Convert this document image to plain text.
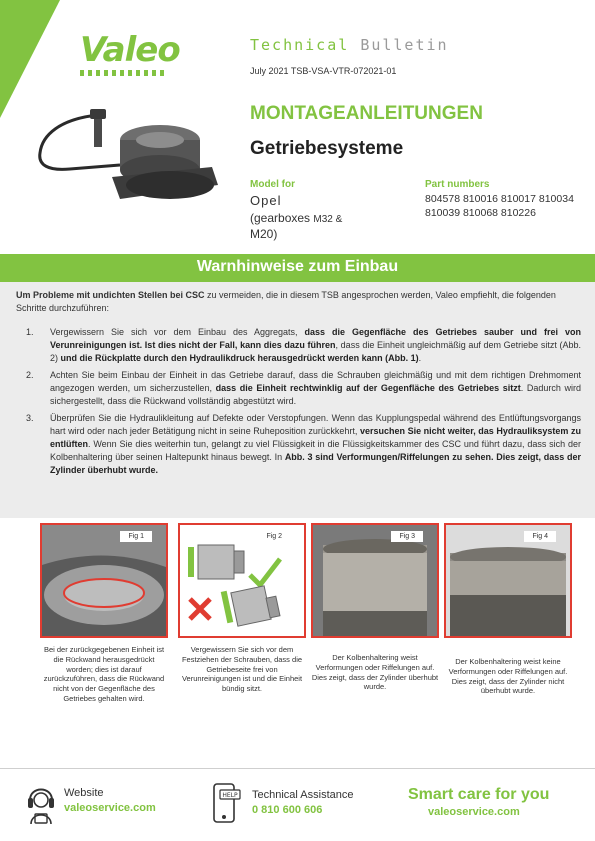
Valeo	Technical Bulletin
July 2021 TSB-VSA-VTR-072021-01
MONTAGEANLEITUNGEN
Getriebesysteme
Model for
Opel
(gearboxes M32 &
M20)
Part numbers
804578 810016 810017 810034 810039 810068 810226
Warnhinweise zum Einbau
Um Probleme mit undichten Stellen bei CSC zu vermeiden, die in diesem TSB angesprochen werden, Valeo empfiehlt, die folgenden Schritte durchzuführen:
1. Vergewissern Sie sich vor dem Einbau des Aggregats, dass die Gegenfläche des Getriebes sauber und frei von Verunreinigungen ist. Ist dies nicht der Fall, kann dies dazu führen, dass die Einheit ungleichmäßig auf dem Getriebe sitzt (Abb. 2) und die Rückplatte durch den Hydraulikdruck herausgedrückt werden kann (Abb. 1).
2. Achten Sie beim Einbau der Einheit in das Getriebe darauf, dass die Schrauben gleichmäßig und mit dem richtigen Drehmoment angezogen werden, um sicherzustellen, dass die Einheit rechtwinklig auf der Gegenfläche des Getriebes sitzt. Dadurch wird sichergestellt, dass die Rückwand vollständig abgestützt wird.
3. Überprüfen Sie die Hydraulikleitung auf Defekte oder Verstopfungen. Wenn das Kupplungspedal während des Entlüftungsvorgangs hart wird oder nach jeder Betätigung nicht in seine Ruheposition zurückkehrt, versuchen Sie nicht weiter, das Hydrauliksystem zu entlüften. Wenn Sie dies weiterhin tun, gelangt zu viel Flüssigkeit in die Flüssigkeitskammer des CSC und führt dazu, dass sich der Kolbenhaltering über seinen Haltepunkt hinaus bewegt. In Abb. 3 sind Verformungen/Riffelungen zu sehen. Dies zeigt, dass der Zylinder überhubt wurde.
Fig 1	Fig 2	Fig 3	Fig 4
Bei der zurückgegebenen Einheit ist die Rückwand herausgedrückt worden; dies ist darauf zurückzuführen, dass die Rückwand nicht von der Gegenfläche des Getriebes gehalten wird.
Vergewissern Sie sich vor dem Festziehen der Schrauben, dass die Getriebeseite frei von Verunreinigungen ist und die Einheit bündig sitzt.
Der Kolbenhaltering weist Verformungen oder Riffelungen auf. Dies zeigt, dass der Zylinder überhubt wurde.
Der Kolbenhaltering weist keine Verformungen oder Riffelungen auf. Dies zeigt, dass der Zylinder nicht überhubt wurde.
Website
valeoservice.com
HELP Technical Assistance
0 810 600 606
Smart care for you
valeoservice.com
